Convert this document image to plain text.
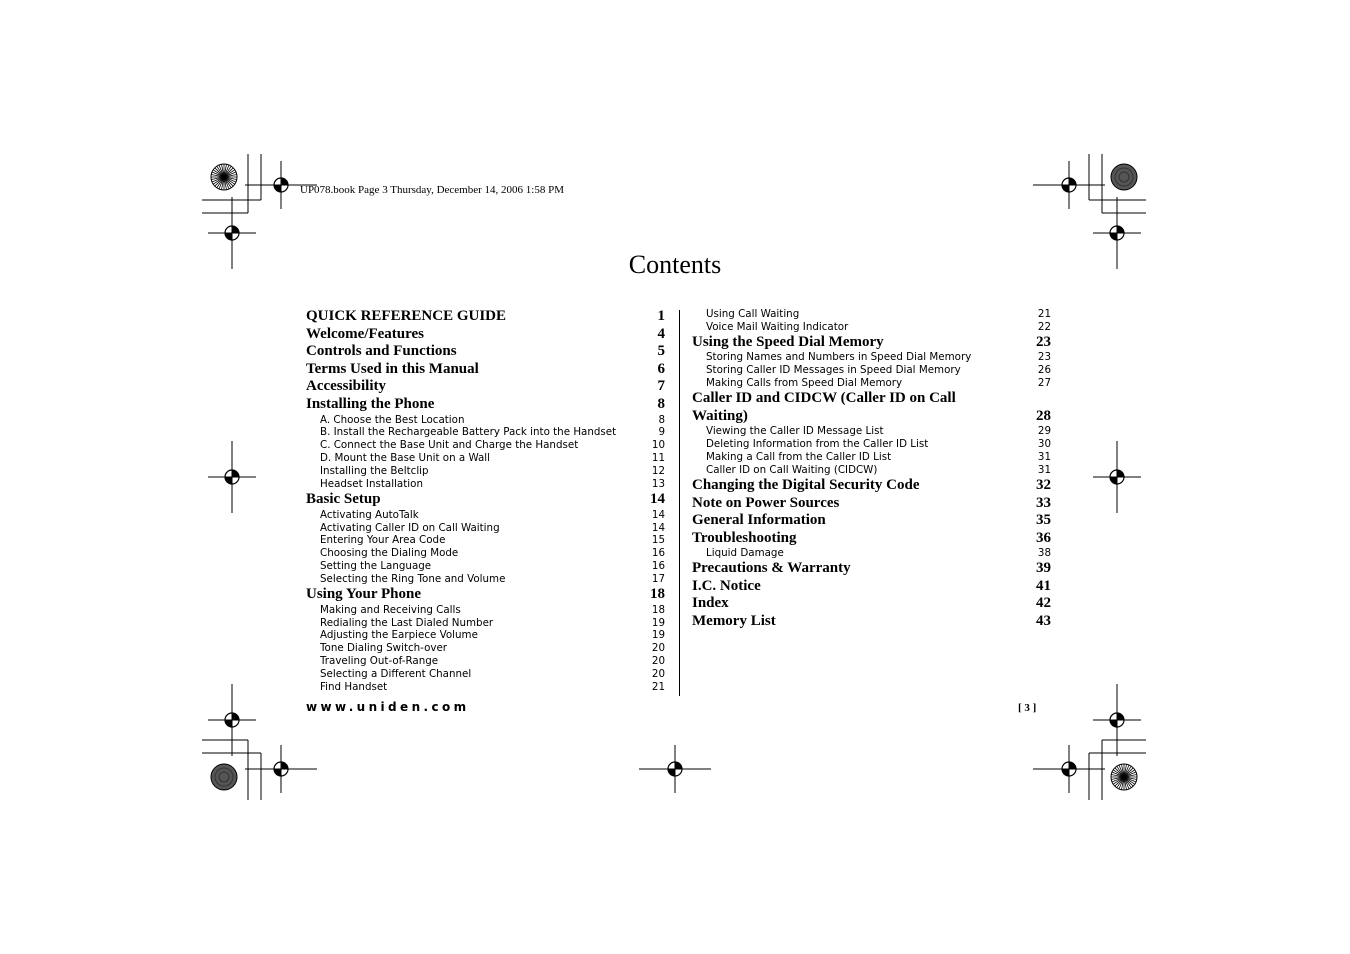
UP078.book Page 3 Thursday, December 14, 2006 1:58 PM
Contents
QUICK REFERENCE GUIDE	1
Welcome/Features	4
Controls and Functions	5
Terms Used in this Manual	6
Accessibility	7
Installing the Phone	8
A. Choose the Best Location	8
B. Install the Rechargeable Battery Pack into the Handset	9
C. Connect the Base Unit and Charge the Handset	10
D. Mount the Base Unit on a Wall	11
Installing the Beltclip	12
Headset Installation	13
Basic Setup	14
Activating AutoTalk	14
Activating Caller ID on Call Waiting	14
Entering Your Area Code	15
Choosing the Dialing Mode	16
Setting the Language	16
Selecting the Ring Tone and Volume	17
Using Your Phone	18
Making and Receiving Calls	18
Redialing the Last Dialed Number	19
Adjusting the Earpiece Volume	19
Tone Dialing Switch-over	20
Traveling Out-of-Range	20
Selecting a Different Channel	20
Find Handset	21
Using Call Waiting	21
Voice Mail Waiting Indicator	22
Using the Speed Dial Memory	23
Storing Names and Numbers in Speed Dial Memory	23
Storing Caller ID Messages in Speed Dial Memory	26
Making Calls from Speed Dial Memory	27
Caller ID and CIDCW (Caller ID on Call Waiting)	28
Viewing the Caller ID Message List	29
Deleting Information from the Caller ID List	30
Making a Call from the Caller ID List	31
Caller ID on Call Waiting (CIDCW)	31
Changing the Digital Security Code	32
Note on Power Sources	33
General Information	35
Troubleshooting	36
Liquid Damage	38
Precautions & Warranty	39
I.C. Notice	41
Index	42
Memory List	43
www.uniden.com	[ 3 ]
